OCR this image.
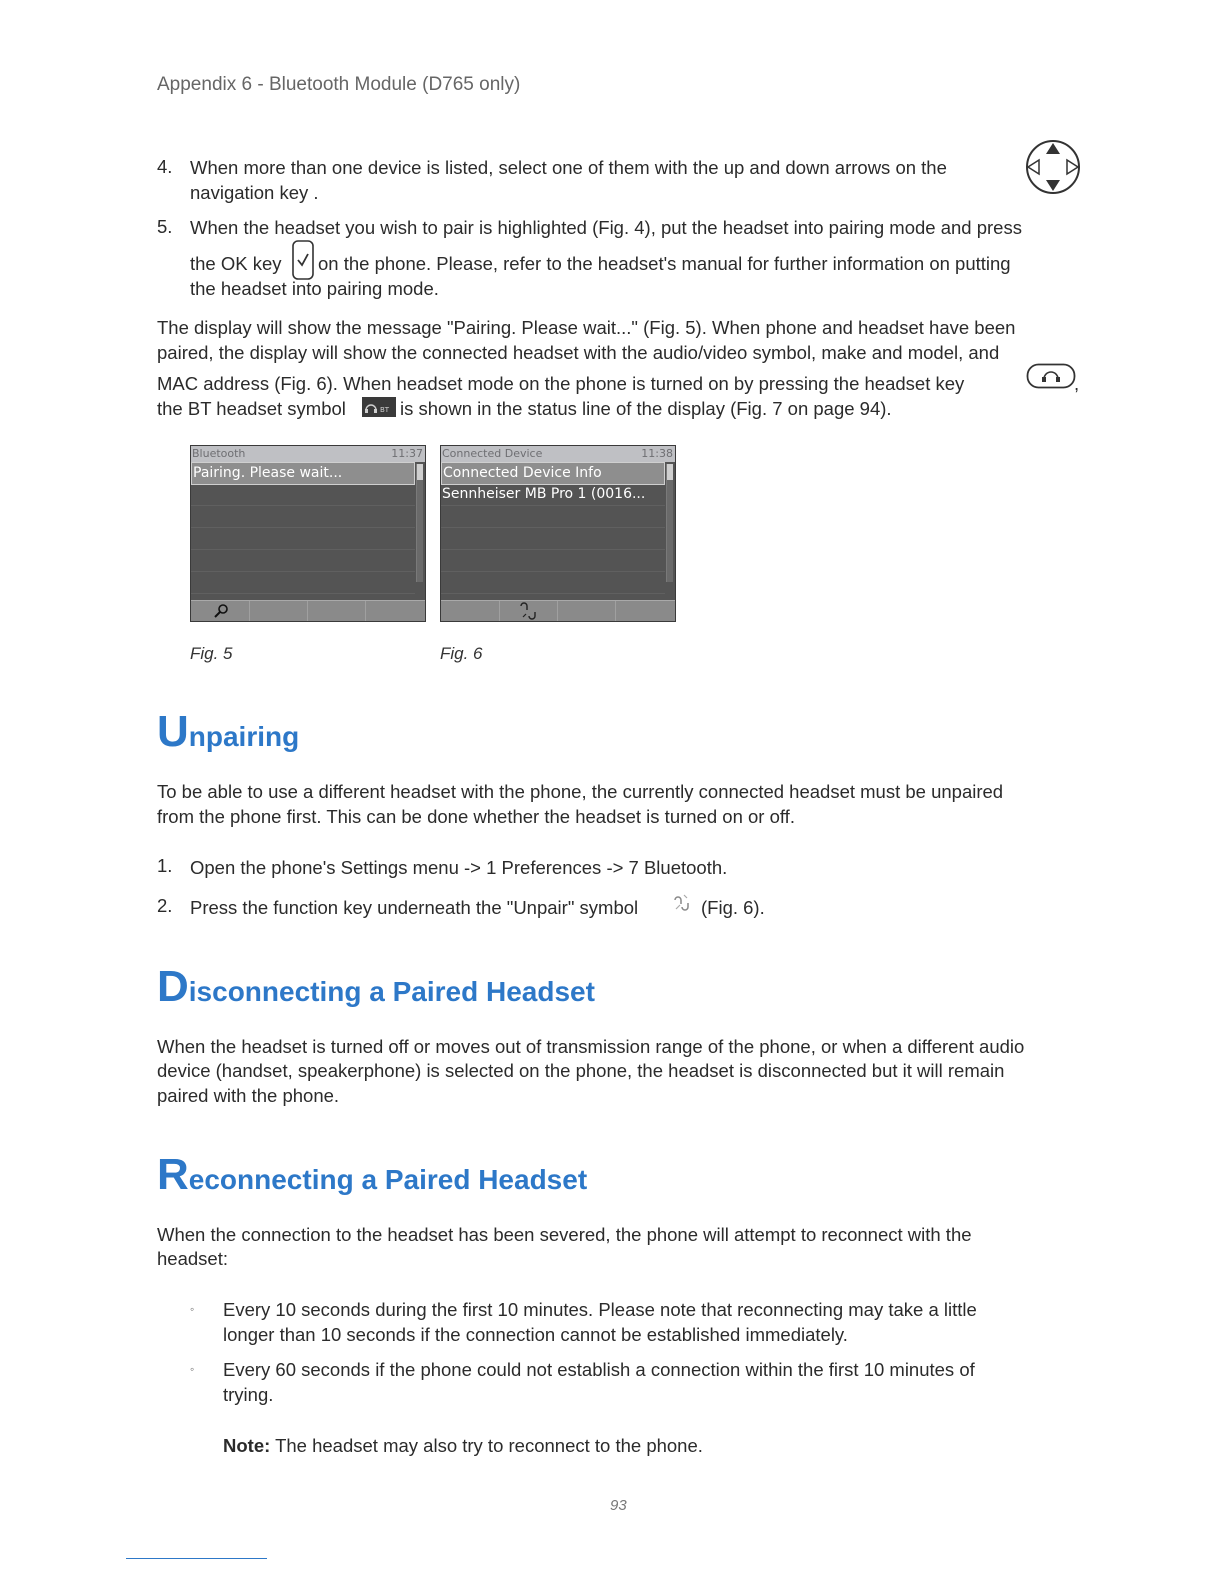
Appendix 6 - Bluetooth Module (D765 only)
4. When more than one device is listed, select one of them with the up and down arrows on the
navigation key .
5. When the headset you wish to pair is highlighted (Fig. 4), put the headset into pairing mode and press
the OK key on the phone. Please, refer to the headset's manual for further information on putting
the headset into pairing mode.
The display will show the message "Pairing. Please wait..." (Fig. 5). When phone and headset have been
paired, the display will show the connected headset with the audio/video symbol, make and model, and
MAC address (Fig. 6). When headset mode on the phone is turned on by pressing the headset key	,
the BT headset symbol	BT is shown in the status line of the display (Fig. 7 on page 94).
Bluetooth	11:37
Pairing. Please wait...
Connected Device	11:38
Connected Device Info
Sennheiser MB Pro 1 (0016...
Fig. 5	Fig. 6
Unpairing
To be able to use a different headset with the phone, the currently connected headset must be unpaired
from the phone first. This can be done whether the headset is turned on or off.
1. Open the phone's Settings menu -> 1 Preferences -> 7 Bluetooth.
2. Press the function key underneath the "Unpair" symbol	(Fig. 6).
Disconnecting a Paired Headset
When the headset is turned off or moves out of transmission range of the phone, or when a different audio
device (handset, speakerphone) is selected on the phone, the headset is disconnected but it will remain
paired with the phone.
Reconnecting a Paired Headset
When the connection to the headset has been severed, the phone will attempt to reconnect with the
headset:
◦ Every 10 seconds during the first 10 minutes. Please note that reconnecting may take a little
longer than 10 seconds if the connection cannot be established immediately.
◦ Every 60 seconds if the phone could not establish a connection within the first 10 minutes of
trying.
Note: The headset may also try to reconnect to the phone.
93
